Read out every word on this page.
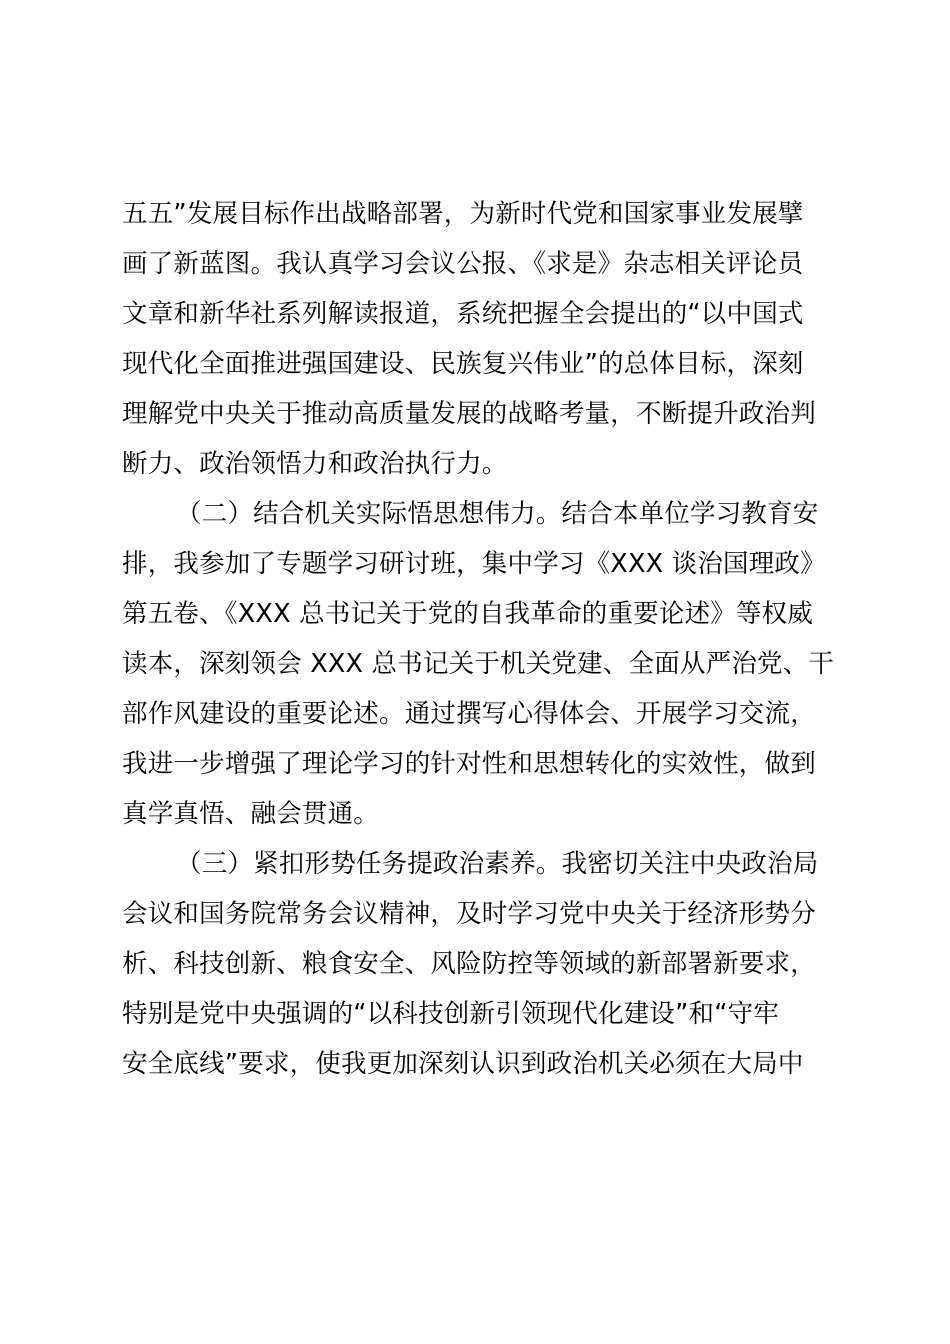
五五”发展目标作出战略部署，为新时代党和国家事业发展擘
画了新蓝图。我认真学习会议公报、《求是》杂志相关评论员
文章和新华社系列解读报道，系统把握全会提出的“以中国式
现代化全面推进强国建设、民族复兴伟业”的总体目标，深刻
理解党中央关于推动高质量发展的战略考量，不断提升政治判
断力、政治领悟力和政治执行力。
（二）结合机关实际悟思想伟力。结合本单位学习教育安
排，我参加了专题学习研讨班，集中学习《XXX 谈治国理政》
第五卷、《XXX 总书记关于党的自我革命的重要论述》等权威
读本，深刻领会 XXX 总书记关于机关党建、全面从严治党、干
部作风建设的重要论述。通过撰写心得体会、开展学习交流，
我进一步增强了理论学习的针对性和思想转化的实效性，做到
真学真悟、融会贯通。
（三）紧扣形势任务提政治素养。我密切关注中央政治局
会议和国务院常务会议精神，及时学习党中央关于经济形势分
析、科技创新、粮食安全、风险防控等领域的新部署新要求，
特别是党中央强调的“以科技创新引领现代化建设”和“守牢
安全底线”要求，使我更加深刻认识到政治机关必须在大局中
